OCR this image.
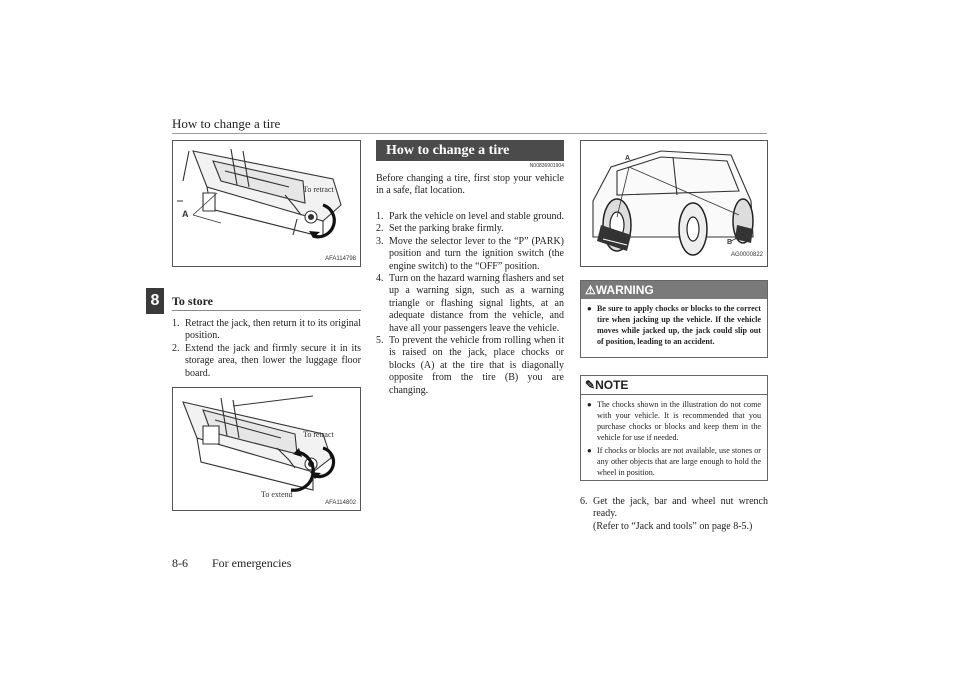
How to change a tire
8
To retract
A
AFA114798
To store
1. Retract the jack, then return it to its original position.
2. Extend the jack and firmly secure it in its storage area, then lower the luggage floor board.
To retract
To extend
AFA114802
How to change a tire
N00836901904
Before changing a tire, first stop your vehicle in a safe, flat location.
1. Park the vehicle on level and stable ground.
2. Set the parking brake firmly.
3. Move the selector lever to the “P” (PARK) position and turn the ignition switch (the engine switch) to the “OFF” position.
4. Turn on the hazard warning flashers and set up a warning sign, such as a warning triangle or flashing signal lights, at an adequate distance from the vehicle, and have all your passengers leave the vehicle.
5. To prevent the vehicle from rolling when it is raised on the jack, place chocks or blocks (A) at the tire that is diagonally opposite from the tire (B) you are changing.
A
B
AG0000822
⚠WARNING

● Be sure to apply chocks or blocks to the correct tire when jacking up the vehicle. If the vehicle moves while jacked up, the jack could slip out of position, leading to an accident.

✎NOTE

● The chocks shown in the illustration do not come with your vehicle. It is recommended that you purchase chocks or blocks and keep them in the vehicle for use if needed.

● If chocks or blocks are not available, use stones or any other objects that are large enough to hold the wheel in position.

6. Get the jack, bar and wheel nut wrench ready.
(Refer to “Jack and tools” on page 8-5.)
8-6 For emergencies
